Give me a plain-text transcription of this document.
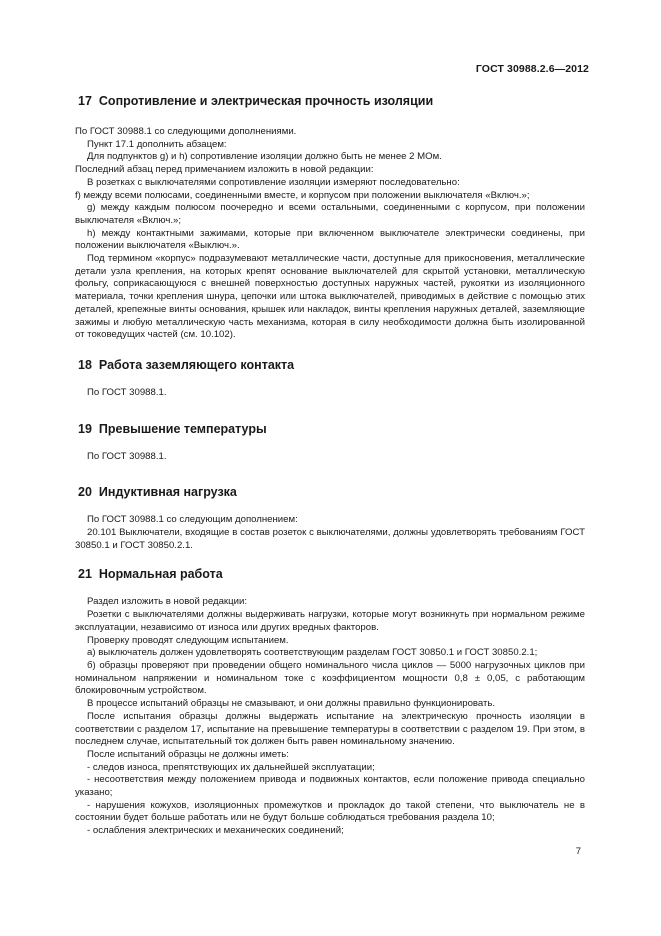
ГОСТ 30988.2.6—2012
17 Сопротивление и электрическая прочность изоляции

По ГОСТ 30988.1 со следующими дополнениями.

Пункт 17.1 дополнить абзацем:

Для подпунктов g) и h) сопротивление изоляции должно быть не менее 2 МОм.

Последний абзац перед примечанием изложить в новой редакции:

В розетках с выключателями сопротивление изоляции измеряют последовательно:

f) между всеми полюсами, соединенными вместе, и корпусом при положении выключателя «Включ.»;

g) между каждым полюсом поочередно и всеми остальными, соединенными с корпусом, при положении выключателя «Включ.»;

h) между контактными зажимами, которые при включенном выключателе электрически соединены, при положении выключателя «Выключ.».

Под термином «корпус» подразумевают металлические части, доступные для прикосновения, металлические детали узла крепления, на которых крепят основание выключателей для скрытой установки, металлическую фольгу, соприкасающуюся с внешней поверхностью доступных наружных частей, рукоятки из изоляционного материала, точки крепления шнура, цепочки или штока выключателей, приводимых в действие с помощью этих деталей, крепежные винты основания, крышек или накладок, винты крепления наружных деталей, заземляющие зажимы и любую металлическую часть механизма, которая в силу необходимости должна быть изолированной от токоведущих частей (см. 10.102).

18 Работа заземляющего контакта

По ГОСТ 30988.1.

19 Превышение температуры

По ГОСТ 30988.1.

20 Индуктивная нагрузка

По ГОСТ 30988.1 со следующим дополнением:

20.101 Выключатели, входящие в состав розеток с выключателями, должны удовлетворять требованиям ГОСТ 30850.1 и ГОСТ 30850.2.1.

21 Нормальная работа

Раздел изложить в новой редакции:

Розетки с выключателями должны выдерживать нагрузки, которые могут возникнуть при нормальном режиме эксплуатации, независимо от износа или других вредных факторов.

Проверку проводят следующим испытанием.

а) выключатель должен удовлетворять соответствующим разделам ГОСТ 30850.1 и ГОСТ 30850.2.1;

б) образцы проверяют при проведении общего номинального числа циклов — 5000 нагрузочных циклов при номинальном напряжении и номинальном токе с коэффициентом мощности 0,8 ± 0,05, с работающим блокировочным устройством.

В процессе испытаний образцы не смазывают, и они должны правильно функционировать.

После испытания образцы должны выдержать испытание на электрическую прочность изоляции в соответствии с разделом 17, испытание на превышение температуры в соответствии с разделом 19. При этом, в последнем случае, испытательный ток должен быть равен номинальному значению.

После испытаний образцы не должны иметь:

- следов износа, препятствующих их дальнейшей эксплуатации;

- несоответствия между положением привода и подвижных контактов, если положение привода специально указано;

- нарушения кожухов, изоляционных промежутков и прокладок до такой степени, что выключатель не в состоянии будет больше работать или не будут больше соблюдаться требования раздела 10;

- ослабления электрических и механических соединений;

7
